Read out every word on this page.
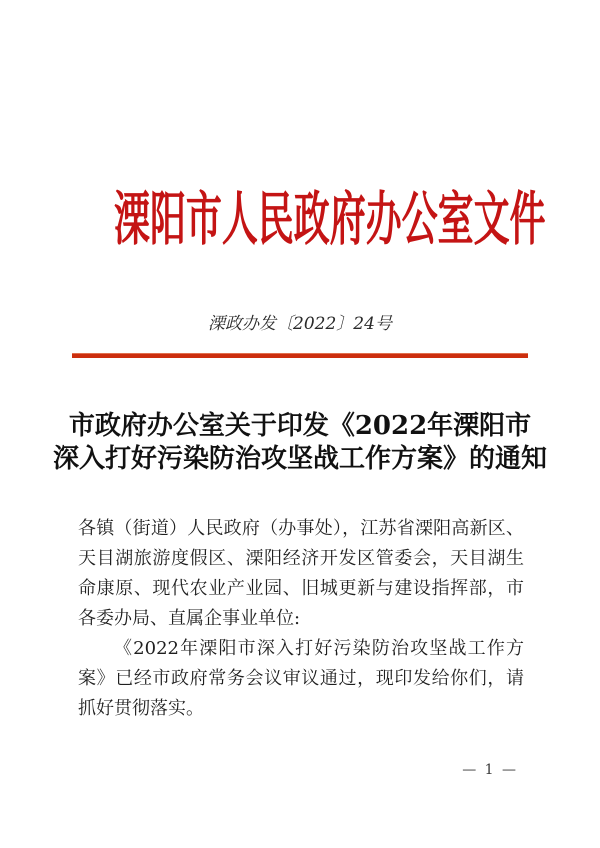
溧阳市人民政府办公室文件
溧政办发〔2022〕24号
市政府办公室关于印发《2022年溧阳市
深入打好污染防治攻坚战工作方案》的通知

各镇（街道）人民政府（办事处），江苏省溧阳高新区、天目湖旅游度假区、溧阳经济开发区管委会，天目湖生命康原、现代农业产业园、旧城更新与建设指挥部，市各委办局、直属企事业单位:

《2022年溧阳市深入打好污染防治攻坚战工作方案》已经市政府常务会议审议通过，现印发给你们，请抓好贯彻落实。

— 1 —
